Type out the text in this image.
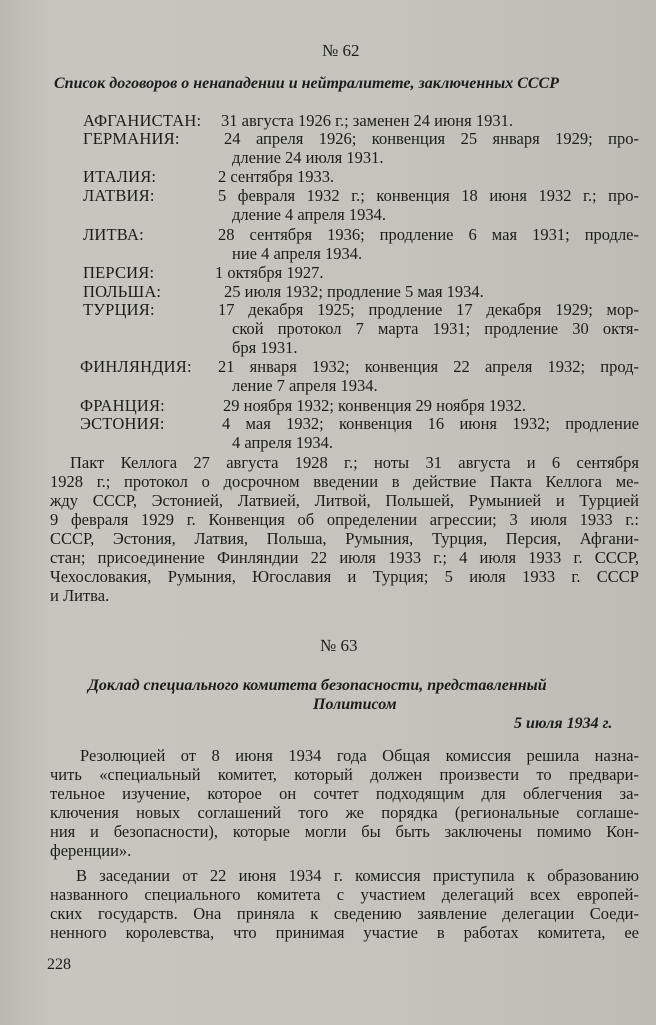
№ 62
Список договоров о ненападении и нейтралитете, заключенных СССР
АФГАНИСТАН: 31 августа 1926 г.; заменен 24 июня 1931.
ГЕРМАНИЯ:	24 апреля 1926; конвенция 25 января 1929; про-
дление 24 июля 1931.
ИТАЛИЯ:	2 сентября 1933.
ЛАТВИЯ:	5 февраля 1932 г.; конвенция 18 июня 1932 г.; про-
дление 4 апреля 1934.
ЛИТВА:	28 сентября 1936; продление 6 мая 1931; продле-
ние 4 апреля 1934.
ПЕРСИЯ:	1 октября 1927.
ПОЛЬША:	25 июля 1932; продление 5 мая 1934.
ТУРЦИЯ:	17 декабря 1925; продление 17 декабря 1929; мор-
ской протокол 7 марта 1931; продление 30 октя-
бря 1931.
ФИНЛЯНДИЯ: 21 января 1932; конвенция 22 апреля 1932; прод-
ление 7 апреля 1934.
ФРАНЦИЯ:	29 ноября 1932; конвенция 29 ноября 1932.
ЭСТОНИЯ:	4 мая 1932; конвенция 16 июня 1932; продление
4 апреля 1934.
Пакт Келлога 27 августа 1928 г.; ноты 31 августа и 6 сентября
1928 г.; протокол о досрочном введении в действие Пакта Келлога ме-
жду СССР, Эстонией, Латвией, Литвой, Польшей, Румынией и Турцией
9 февраля 1929 г. Конвенция об определении агрессии; 3 июля 1933 г.:
СССР, Эстония, Латвия, Польша, Румыния, Турция, Персия, Афгани-
стан; присоединение Финляндии 22 июля 1933 г.; 4 июля 1933 г. СССР,
Чехословакия, Румыния, Югославия и Турция; 5 июля 1933 г. СССР
и Литва.
№ 63
Доклад специального комитета безопасности, представленный
Политисом
5 июля 1934 г.
Резолюцией от 8 июня 1934 года Общая комиссия решила назна-
чить «специальный комитет, который должен произвести то предвари-
тельное изучение, которое он сочтет подходящим для облегчения за-
ключения новых соглашений того же порядка (региональные соглаше-
ния и безопасности), которые могли бы быть заключены помимо Кон-
ференции».
В заседании от 22 июня 1934 г. комиссия приступила к образованию
названного специального комитета с участием делегаций всех европей-
ских государств. Она приняла к сведению заявление делегации Соеди-
ненного королевства, что принимая участие в работах комитета, ее
228
